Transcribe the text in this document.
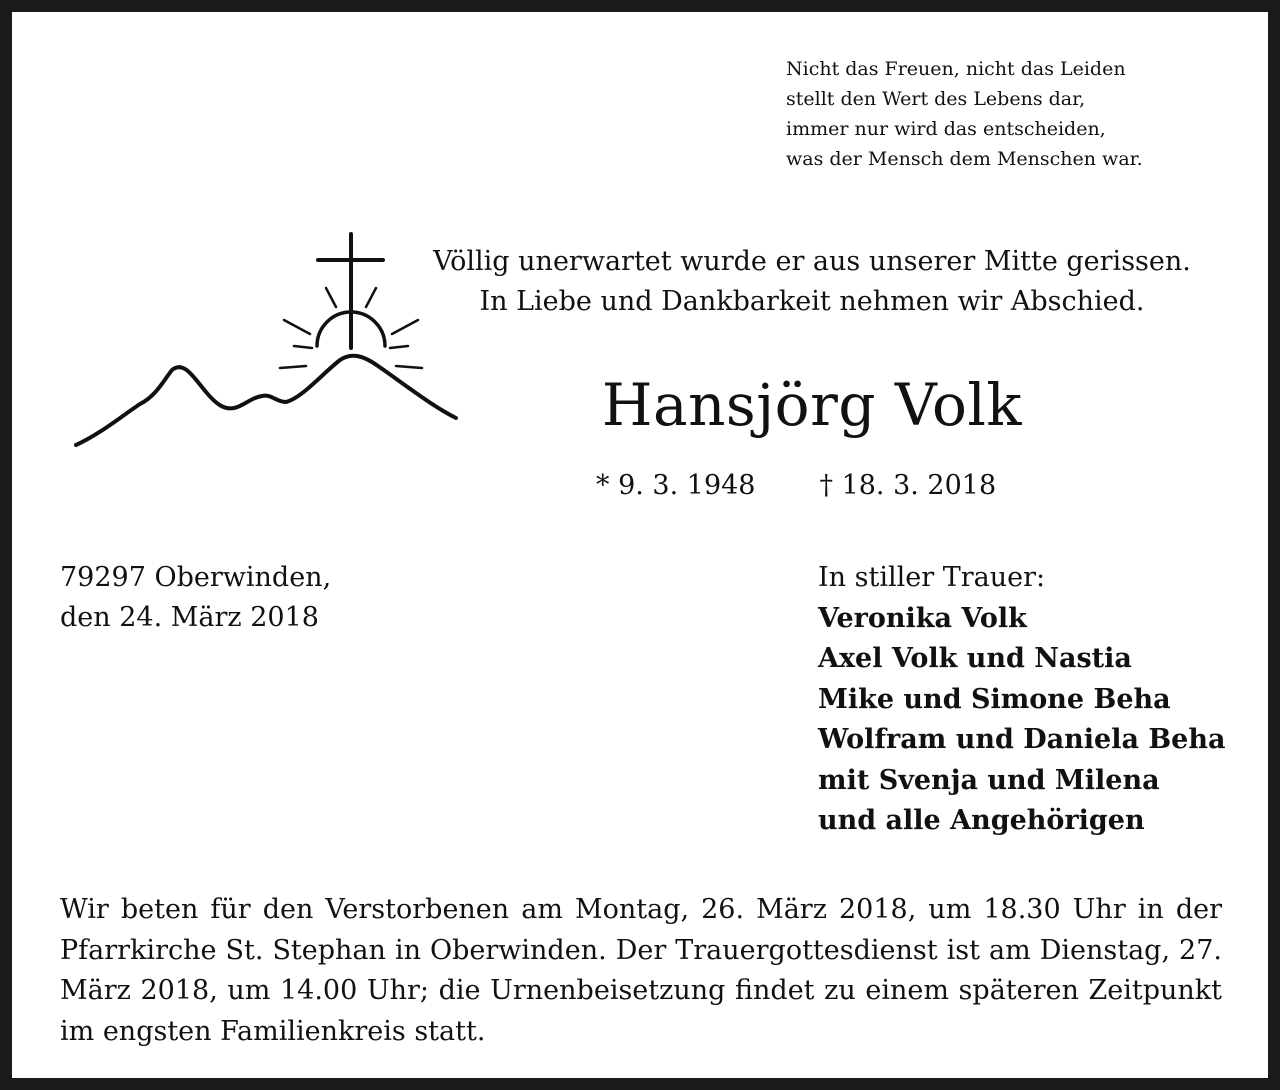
Nicht das Freuen, nicht das Leiden
stellt den Wert des Lebens dar,
immer nur wird das entscheiden,
was der Mensch dem Menschen war.
Völlig unerwartet wurde er aus unserer Mitte gerissen.
In Liebe und Dankbarkeit nehmen wir Abschied.
Hansjörg Volk
* 9. 3. 1948 † 18. 3. 2018
79297 Oberwinden,
den 24. März 2018
In stiller Trauer:
Veronika Volk
Axel Volk und Nastia
Mike und Simone Beha
Wolfram und Daniela Beha
mit Svenja und Milena
und alle Angehörigen
Wir beten für den Verstorbenen am Montag, 26. März 2018, um 18.30 Uhr in der Pfarrkirche St. Stephan in Oberwinden. Der Trauergottesdienst ist am Dienstag, 27. März 2018, um 14.00 Uhr; die Urnenbeisetzung findet zu einem späteren Zeitpunkt im engsten Familienkreis statt.
